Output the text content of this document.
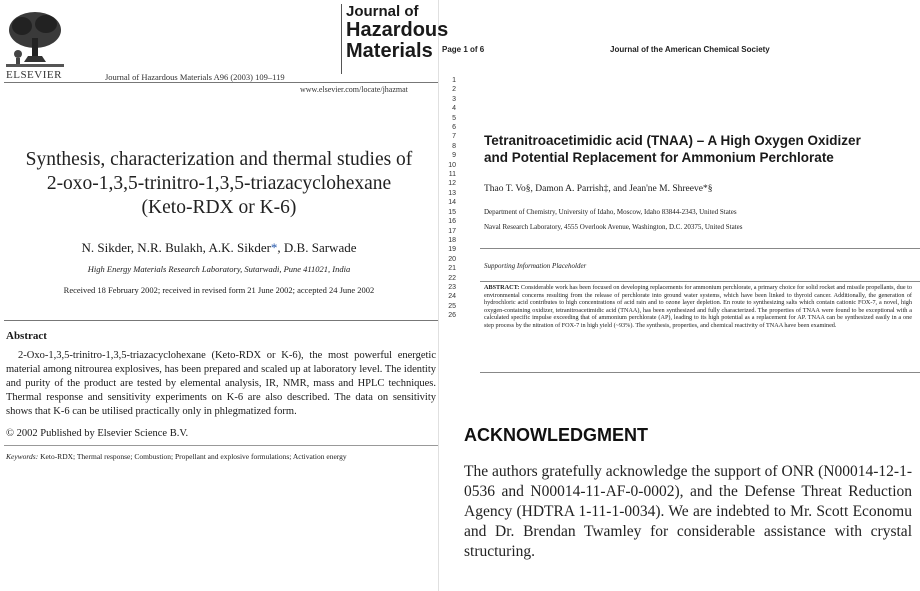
ELSEVIER	Journal of Hazardous Materials A96 (2003) 109–119
Journal of
Hazardous
Materials
www.elsevier.com/locate/jhazmat
Synthesis, characterization and thermal studies of
2-oxo-1,3,5-trinitro-1,3,5-triazacyclohexane
(Keto-RDX or K-6)
N. Sikder, N.R. Bulakh, A.K. Sikder*, D.B. Sarwade
High Energy Materials Research Laboratory, Sutarwadi, Pune 411021, India
Received 18 February 2002; received in revised form 21 June 2002; accepted 24 June 2002
Abstract
2-Oxo-1,3,5-trinitro-1,3,5-triazacyclohexane (Keto-RDX or K-6), the most powerful energetic material among nitrourea explosives, has been prepared and scaled up at laboratory level. The identity and purity of the product are tested by elemental analysis, IR, NMR, mass and HPLC techniques. Thermal response and sensitivity experiments on K-6 are also described. The data on sensitivity shows that K-6 can be utilised practically only in phlegmatized form.
© 2002 Published by Elsevier Science B.V.
Keywords: Keto-RDX; Thermal response; Combustion; Propellant and explosive formulations; Activation energy
Page 1 of 6	Journal of the American Chemical Society
1
2
3
4
5
6
7
8
9
10
11
12
13
14
15
16
17
18
19
20
21
22
23
24
25
26
Tetranitroacetimidic acid (TNAA) – A High Oxygen Oxidizer
and Potential Replacement for Ammonium Perchlorate
Thao T. Vo§, Damon A. Parrish‡, and Jean'ne M. Shreeve*§
Department of Chemistry, University of Idaho, Moscow, Idaho 83844-2343, United States
Naval Research Laboratory, 4555 Overlook Avenue, Washington, D.C. 20375, United States
Supporting Information Placeholder
ABSTRACT: Considerable work has been focused on developing replacements for ammonium perchlorate, a primary choice for solid rocket and missile propellants, due to environmental concerns resulting from the release of perchlorate into ground water systems, which have been linked to thyroid cancer. Additionally, the generation of hydrochloric acid contributes to high concentrations of acid rain and to ozone layer depletion. En route to synthesizing salts which contain cationic FOX-7, a novel, high oxygen-containing oxidizer, tetranitroacetimidic acid (TNAA), has been synthesized and fully characterized. The properties of TNAA were found to be exceptional with a calculated specific impulse exceeding that of ammonium perchlorate (AP), leading to its high potential as a replacement for AP. TNAA can be synthesized easily in a one step process by the nitration of FOX-7 in high yield (~93%). The synthesis, properties, and chemical reactivity of TNAA have been examined.
ACKNOWLEDGMENT
The authors gratefully acknowledge the support of ONR (N00014-12-1-0536 and N00014-11-AF-0-0002), and the Defense Threat Reduction Agency (HDTRA 1-11-1-0034). We are indebted to Mr. Scott Economu and Dr. Brendan Twamley for considerable assistance with crystal structuring.
